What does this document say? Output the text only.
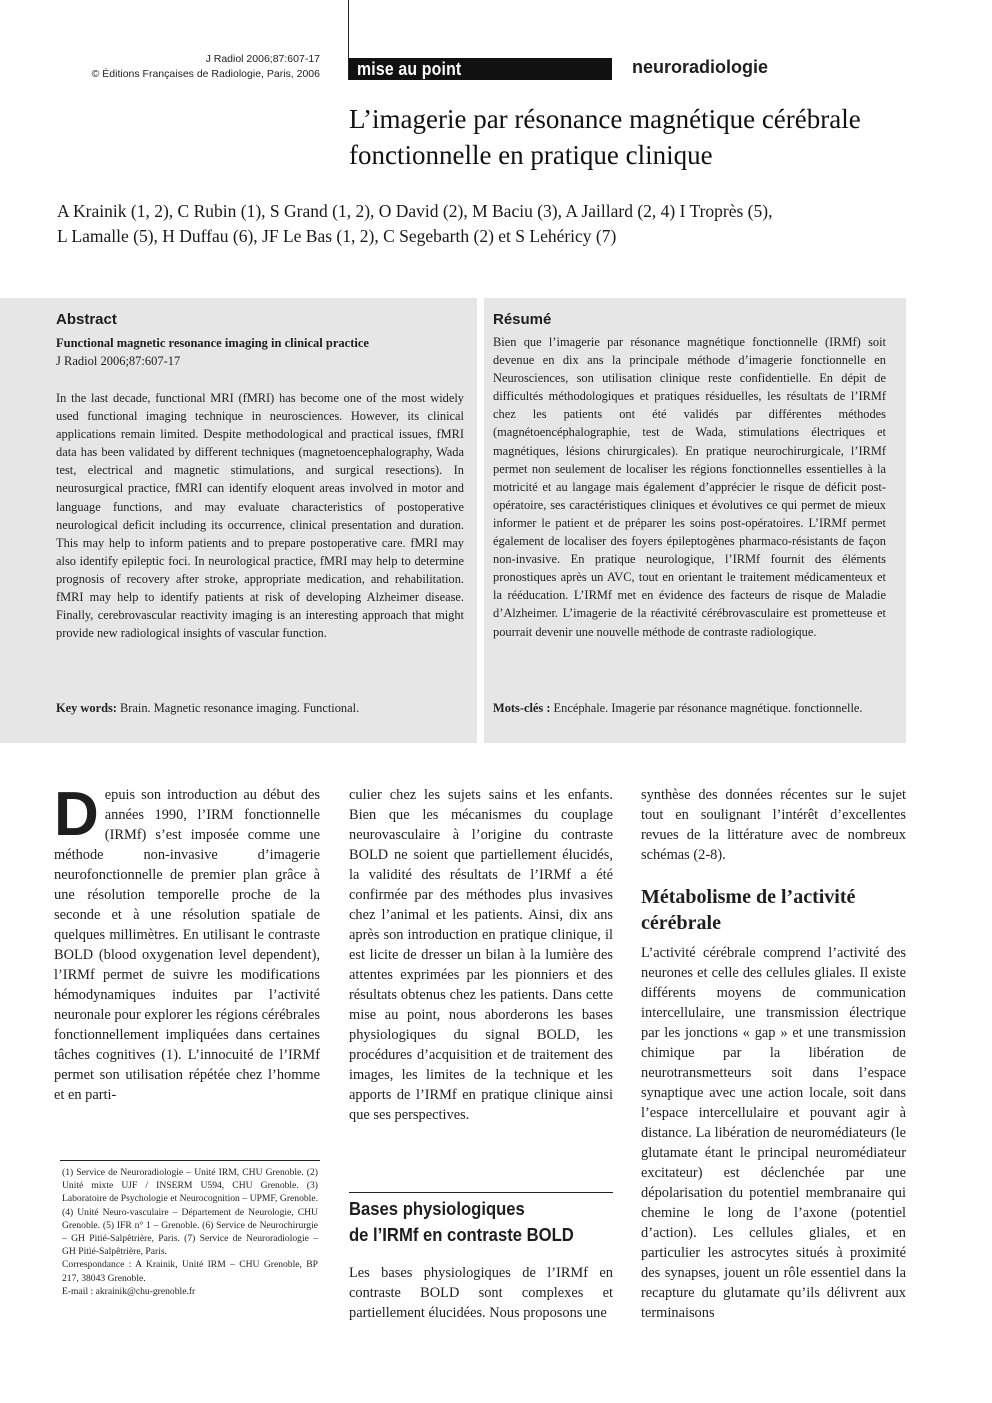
J Radiol 2006;87:607-17
© Éditions Françaises de Radiologie, Paris, 2006 mise au point	neuroradiologie
L’imagerie par résonance magnétique cérébrale
fonctionnelle en pratique clinique
A Krainik (1, 2), C Rubin (1), S Grand (1, 2), O David (2), M Baciu (3), A Jaillard (2, 4) I Troprès (5),
L Lamalle (5), H Duffau (6), JF Le Bas (1, 2), C Segebarth (2) et S Lehéricy (7)
Abstract
Functional magnetic resonance imaging in clinical practice
J Radiol 2006;87:607-17
In the last decade, functional MRI (fMRI) has become one of the most widely used functional imaging technique in neurosciences. However, its clinical applications remain limited. Despite methodological and practical issues, fMRI data has been validated by different techniques (magnetoencephalography, Wada test, electrical and magnetic stimulations, and surgical resections). In neurosurgical practice, fMRI can identify eloquent areas involved in motor and language functions, and may evaluate characteristics of postoperative neurological deficit including its occurrence, clinical presentation and duration. This may help to inform patients and to prepare postoperative care. fMRI may also identify epileptic foci. In neurological practice, fMRI may help to determine prognosis of recovery after stroke, appropriate medication, and rehabilitation. fMRI may help to identify patients at risk of developing Alzheimer disease. Finally, cerebrovascular reactivity imaging is an interesting approach that might provide new radiological insights of vascular function.
Key words: Brain. Magnetic resonance imaging. Functional.
Résumé
Bien que l’imagerie par résonance magnétique fonctionnelle (IRMf) soit devenue en dix ans la principale méthode d’imagerie fonctionnelle en Neurosciences, son utilisation clinique reste confidentielle. En dépit de difficultés méthodologiques et pratiques résiduelles, les résultats de l’IRMf chez les patients ont été validés par différentes méthodes (magnétoencéphalographie, test de Wada, stimulations électriques et magnétiques, lésions chirurgicales). En pratique neurochirurgicale, l’IRMf permet non seulement de localiser les régions fonctionnelles essentielles à la motricité et au langage mais également d’apprécier le risque de déficit post-opératoire, ses caractéristiques cliniques et évolutives ce qui permet de mieux informer le patient et de préparer les soins post-opératoires. L’IRMf permet également de localiser des foyers épileptogènes pharmaco-résistants de façon non-invasive. En pratique neurologique, l’IRMf fournit des éléments pronostiques après un AVC, tout en orientant le traitement médicamenteux et la rééducation. L’IRMf met en évidence des facteurs de risque de Maladie d’Alzheimer. L’imagerie de la réactivité cérébrovasculaire est prometteuse et pourrait devenir une nouvelle méthode de contraste radiologique.
Mots-clés : Encéphale. Imagerie par résonance magnétique. fonctionnelle.
Depuis son introduction au début des années 1990, l’IRM fonctionnelle (IRMf) s’est imposée comme une méthode non-invasive d’imagerie neurofonctionnelle de premier plan grâce à une résolution temporelle proche de la seconde et à une résolution spatiale de quelques millimètres. En utilisant le contraste BOLD (blood oxygenation level dependent), l’IRMf permet de suivre les modifications hémodynamiques induites par l’activité neuronale pour explorer les régions cérébrales fonctionnellement impliquées dans certaines tâches cognitives (1). L’innocuité de l’IRMf permet son utilisation répétée chez l’homme et en parti-

(1) Service de Neuroradiologie – Unité IRM, CHU Grenoble. (2) Unité mixte UJF / INSERM U594, CHU Grenoble. (3) Laboratoire de Psychologie et Neurocognition – UPMF, Grenoble. (4) Unité Neuro-vasculaire – Département de Neurologie, CHU Grenoble. (5) IFR n° 1 – Grenoble. (6) Service de Neurochirurgie – GH Pitié-Salpêtrière, Paris. (7) Service de Neuroradiologie – GH Pitié-Salpêtrière, Paris.

Correspondance : A Krainik, Unité IRM – CHU Grenoble, BP 217, 38043 Grenoble.

E-mail : akrainik@chu-grenoble.fr

culier chez les sujets sains et les enfants. Bien que les mécanismes du couplage neurovasculaire à l’origine du contraste BOLD ne soient que partiellement élucidés, la validité des résultats de l’IRMf a été confirmée par des méthodes plus invasives chez l’animal et les patients. Ainsi, dix ans après son introduction en pratique clinique, il est licite de dresser un bilan à la lumière des attentes exprimées par les pionniers et des résultats obtenus chez les patients. Dans cette mise au point, nous aborderons les bases physiologiques du signal BOLD, les procédures d’acquisition et de traitement des images, les limites de la technique et les apports de l’IRMf en pratique clinique ainsi que ses perspectives.
Bases physiologiques
de l’IRMf en contraste BOLD
Les bases physiologiques de l’IRMf en contraste BOLD sont complexes et partiellement élucidées. Nous proposons une
synthèse des données récentes sur le sujet tout en soulignant l’intérêt d’excellentes revues de la littérature avec de nombreux schémas (2-8).
Métabolisme de l’activité
cérébrale
L’activité cérébrale comprend l’activité des neurones et celle des cellules gliales. Il existe différents moyens de communication intercellulaire, une transmission électrique par les jonctions « gap » et une transmission chimique par la libération de neurotransmetteurs soit dans l’espace synaptique avec une action locale, soit dans l’espace intercellulaire et pouvant agir à distance. La libération de neuromédiateurs (le glutamate étant le principal neuromédiateur excitateur) est déclenchée par une dépolarisation du potentiel membranaire qui chemine le long de l’axone (potentiel d’action). Les cellules gliales, et en particulier les astrocytes situés à proximité des synapses, jouent un rôle essentiel dans la recapture du glutamate qu’ils délivrent aux terminaisons
